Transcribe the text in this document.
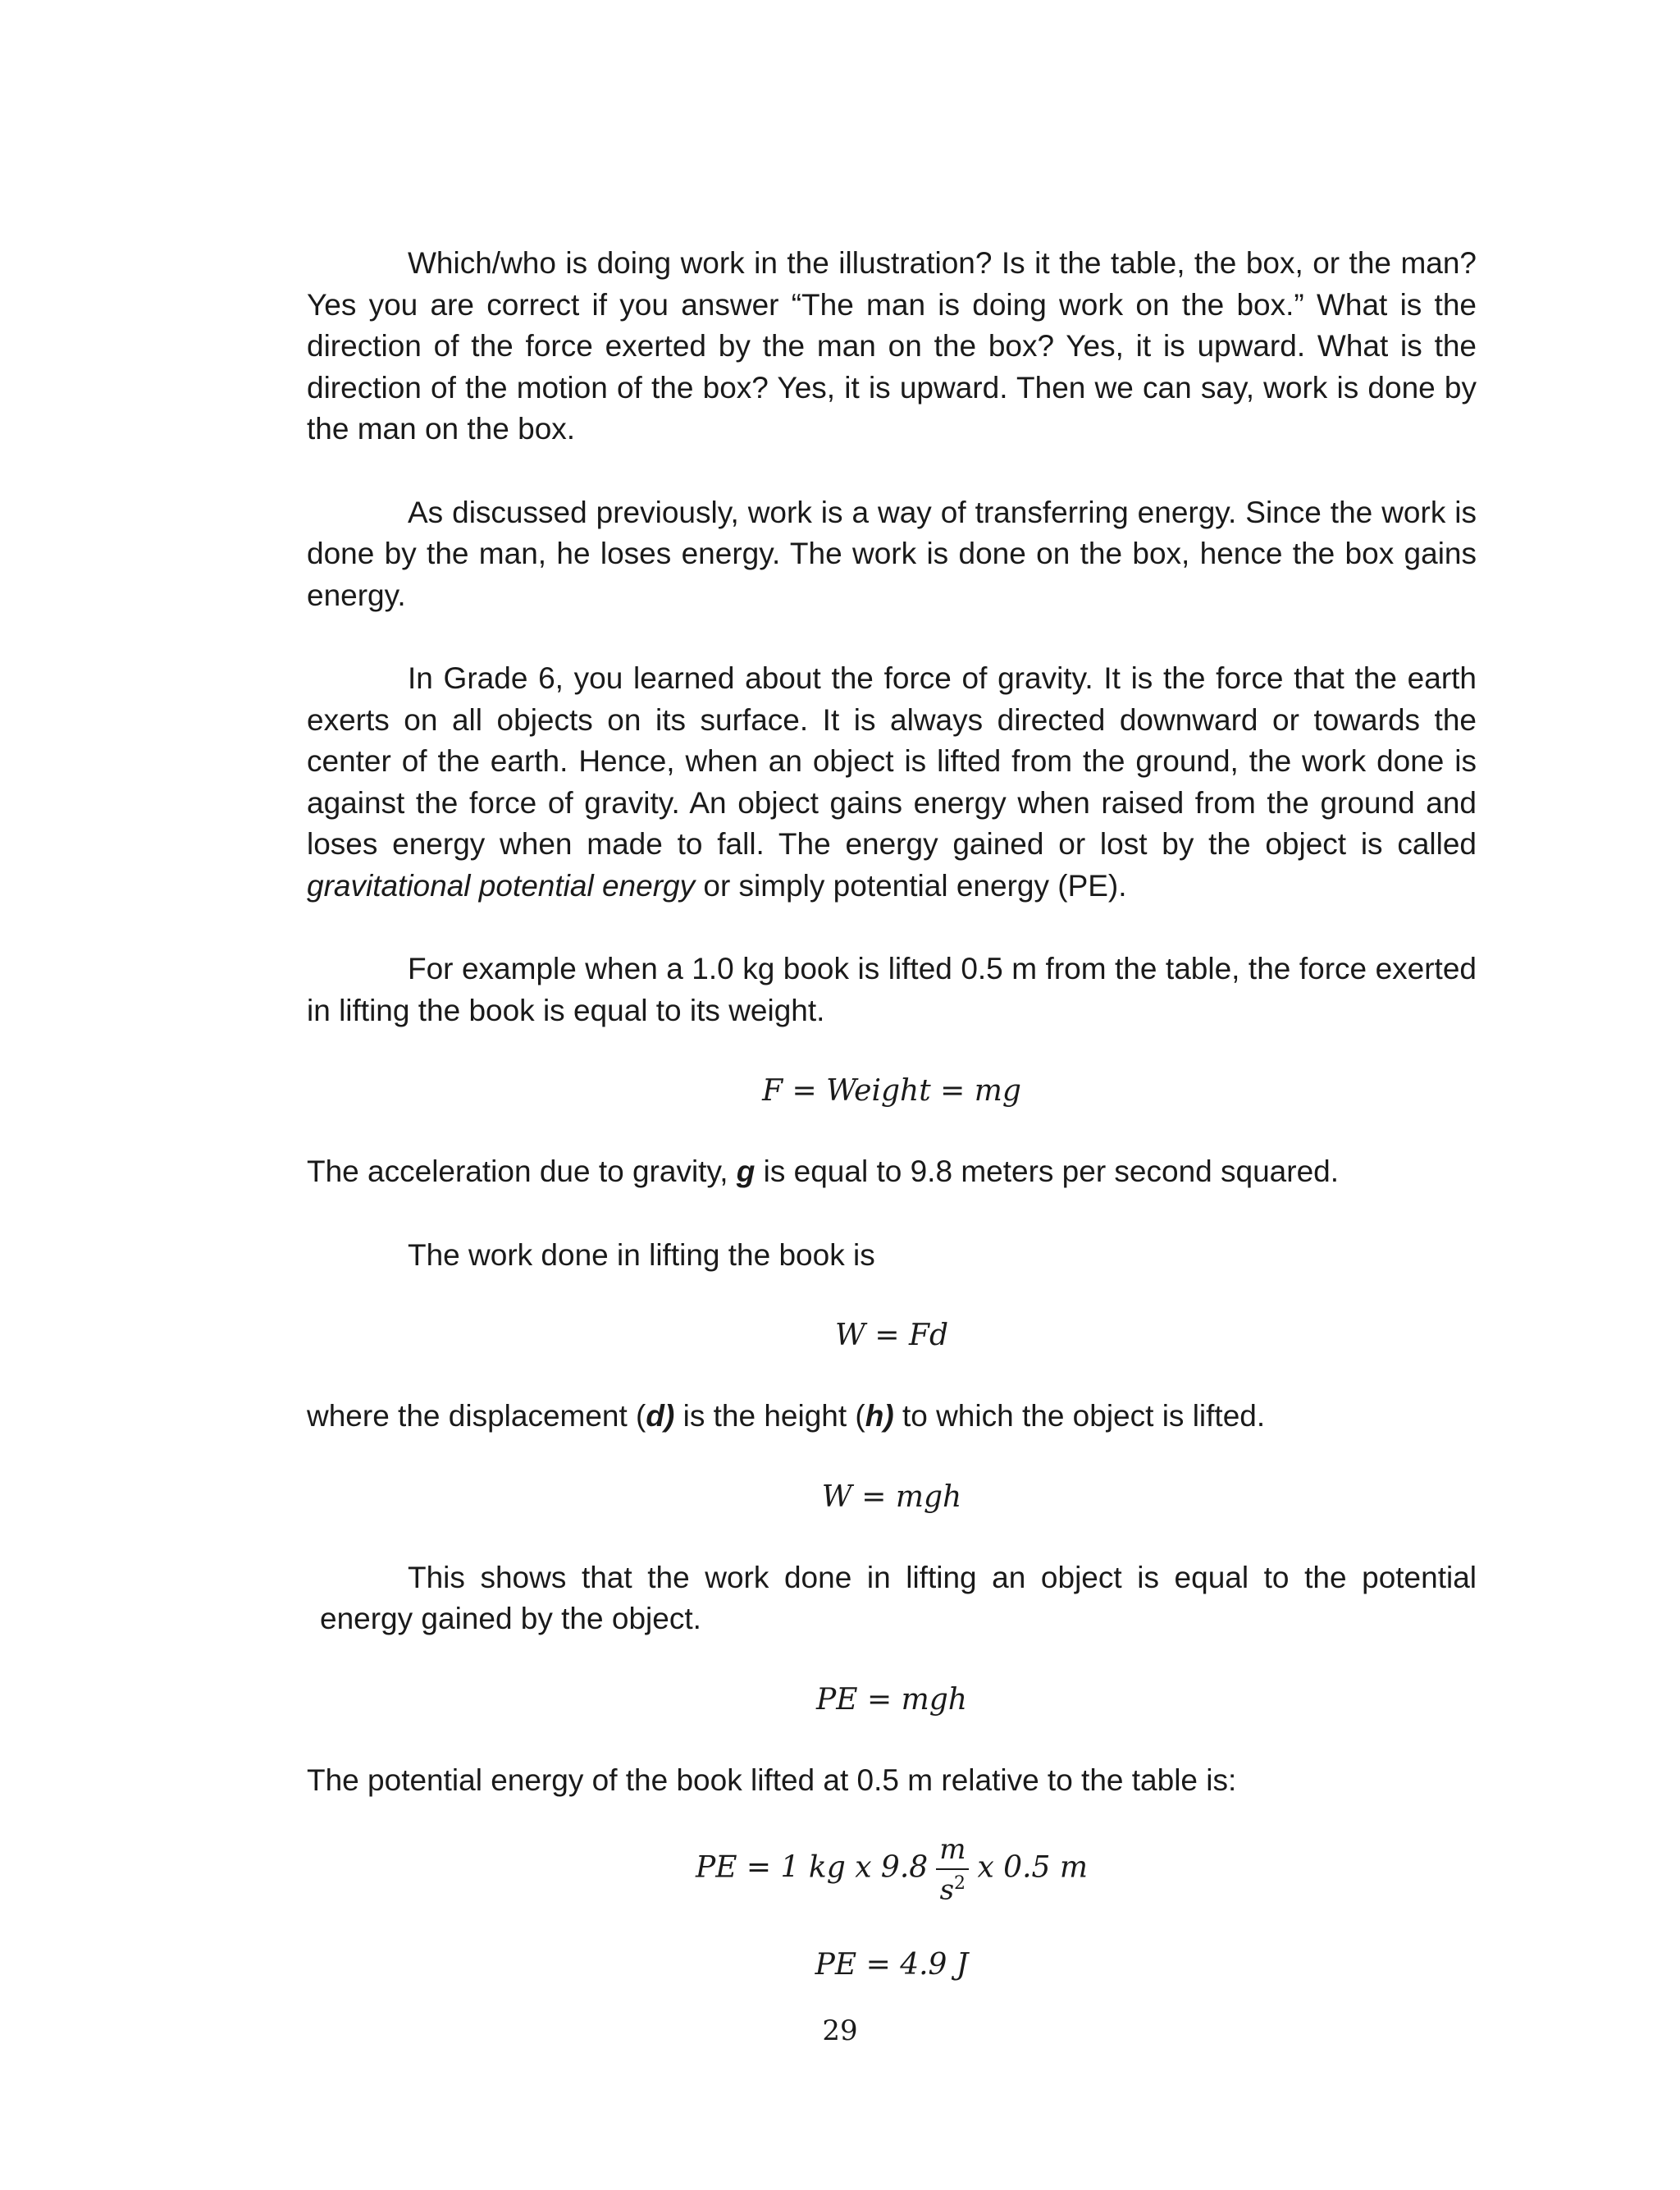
Which/who is doing work in the illustration? Is it the table, the box, or the man? Yes you are correct if you answer “The man is doing work on the box.” What is the direction of the force exerted by the man on the box? Yes, it is upward. What is the direction of the motion of the box? Yes, it is upward. Then we can say, work is done by the man on the box.

As discussed previously, work is a way of transferring energy. Since the work is done by the man, he loses energy. The work is done on the box, hence the box gains energy.

In Grade 6, you learned about the force of gravity. It is the force that the earth exerts on all objects on its surface. It is always directed downward or towards the center of the earth. Hence, when an object is lifted from the ground, the work done is against the force of gravity. An object gains energy when raised from the ground and loses energy when made to fall. The energy gained or lost by the object is called gravitational potential energy or simply potential energy (PE).

For example when a 1.0 kg book is lifted 0.5 m from the table, the force exerted in lifting the book is equal to its weight.

F = Weight = mg

The acceleration due to gravity, g is equal to 9.8 meters per second squared.

The work done in lifting the book is

W = Fd

where the displacement (d) is the height (h) to which the object is lifted.

W = mgh

This shows that the work done in lifting an object is equal to the potential energy gained by the object.

PE = mgh

The potential energy of the book lifted at 0.5 m relative to the table is:

PE = 1 kg x $9.8 \frac{m}{s^2}$ x 0.5 m

PE = 4.9 J

29
